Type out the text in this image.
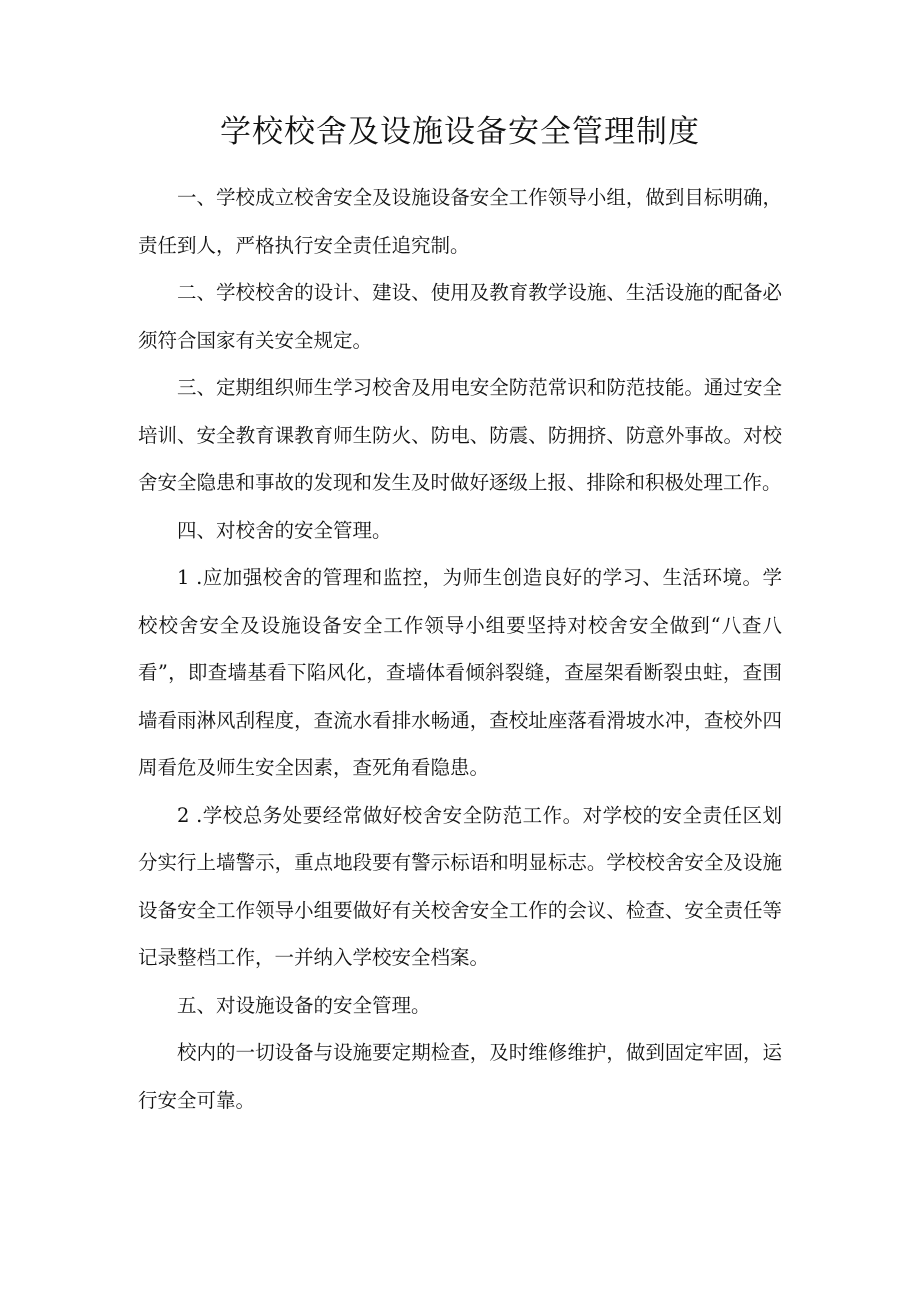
学校校舍及设施设备安全管理制度

一、学校成立校舍安全及设施设备安全工作领导小组，做到目标明确，责任到人，严格执行安全责任追究制。

二、学校校舍的设计、建设、使用及教育教学设施、生活设施的配备必须符合国家有关安全规定。

三、定期组织师生学习校舍及用电安全防范常识和防范技能。通过安全培训、安全教育课教育师生防火、防电、防震、防拥挤、防意外事故。对校舍安全隐患和事故的发现和发生及时做好逐级上报、排除和积极处理工作。

四、对校舍的安全管理。

1 .应加强校舍的管理和监控，为师生创造良好的学习、生活环境。学校校舍安全及设施设备安全工作领导小组要坚持对校舍安全做到“八查八看”，即查墙基看下陷风化，查墙体看倾斜裂缝，查屋架看断裂虫蛀，查围墙看雨淋风刮程度，查流水看排水畅通，查校址座落看滑坡水冲，查校外四周看危及师生安全因素，查死角看隐患。

2 .学校总务处要经常做好校舍安全防范工作。对学校的安全责任区划分实行上墙警示，重点地段要有警示标语和明显标志。学校校舍安全及设施设备安全工作领导小组要做好有关校舍安全工作的会议、检查、安全责任等记录整档工作，一并纳入学校安全档案。

五、对设施设备的安全管理。

校内的一切设备与设施要定期检查，及时维修维护，做到固定牢固，运行安全可靠。
